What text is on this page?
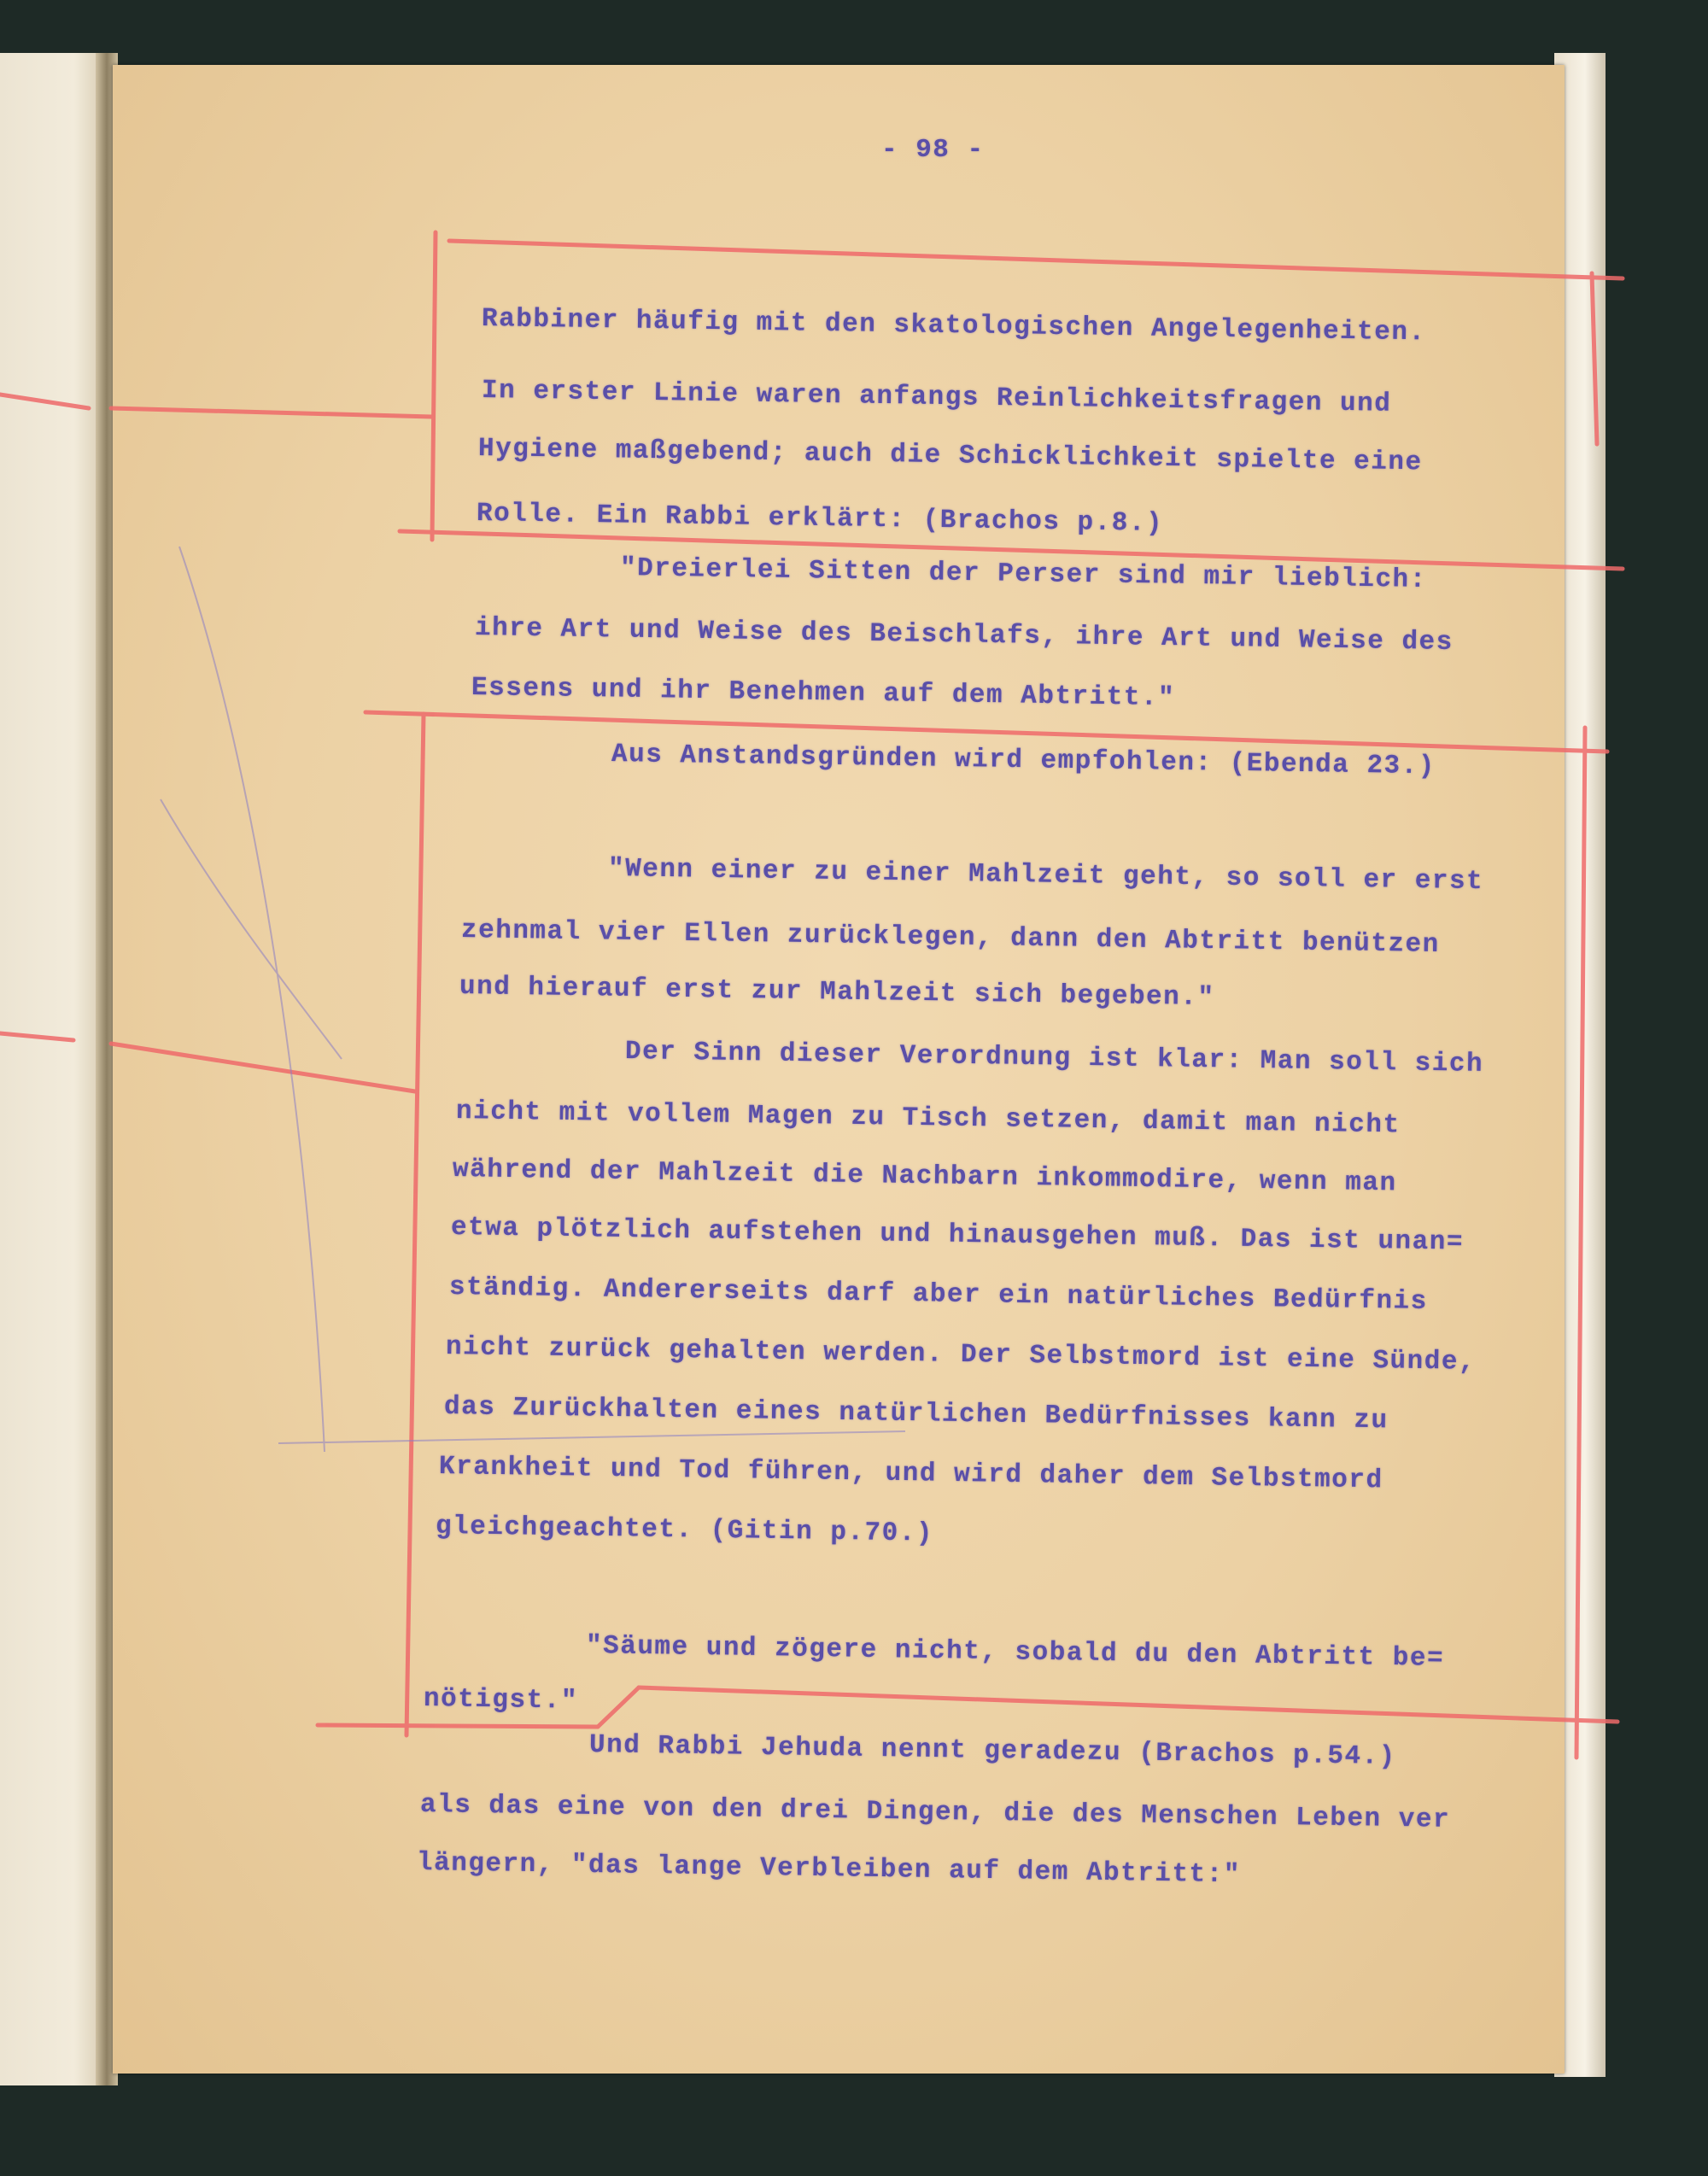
- 98 -
Rabbiner häufig mit den skatologischen Angelegenheiten.
In erster Linie waren anfangs Reinlichkeitsfragen und
Hygiene maßgebend; auch die Schicklichkeit spielte eine
Rolle. Ein Rabbi erklärt: (Brachos p.8.)
"Dreierlei Sitten der Perser sind mir lieblich:
ihre Art und Weise des Beischlafs, ihre Art und Weise des
Essens und ihr Benehmen auf dem Abtritt."
Aus Anstandsgründen wird empfohlen: (Ebenda 23.)
"Wenn einer zu einer Mahlzeit geht, so soll er erst
zehnmal vier Ellen zurücklegen, dann den Abtritt benützen
und hierauf erst zur Mahlzeit sich begeben."
Der Sinn dieser Verordnung ist klar: Man soll sich
nicht mit vollem Magen zu Tisch setzen, damit man nicht
während der Mahlzeit die Nachbarn inkommodire, wenn man
etwa plötzlich aufstehen und hinausgehen muß. Das ist unan=
ständig. Andererseits darf aber ein natürliches Bedürfnis
nicht zurück gehalten werden. Der Selbstmord ist eine Sünde,
das Zurückhalten eines natürlichen Bedürfnisses kann zu
Krankheit und Tod führen, und wird daher dem Selbstmord
gleichgeachtet. (Gitin p.70.)
"Säume und zögere nicht, sobald du den Abtritt be=
nötigst."
Und Rabbi Jehuda nennt geradezu (Brachos p.54.)
als das eine von den drei Dingen, die des Menschen Leben ver
längern, "das lange Verbleiben auf dem Abtritt:"
